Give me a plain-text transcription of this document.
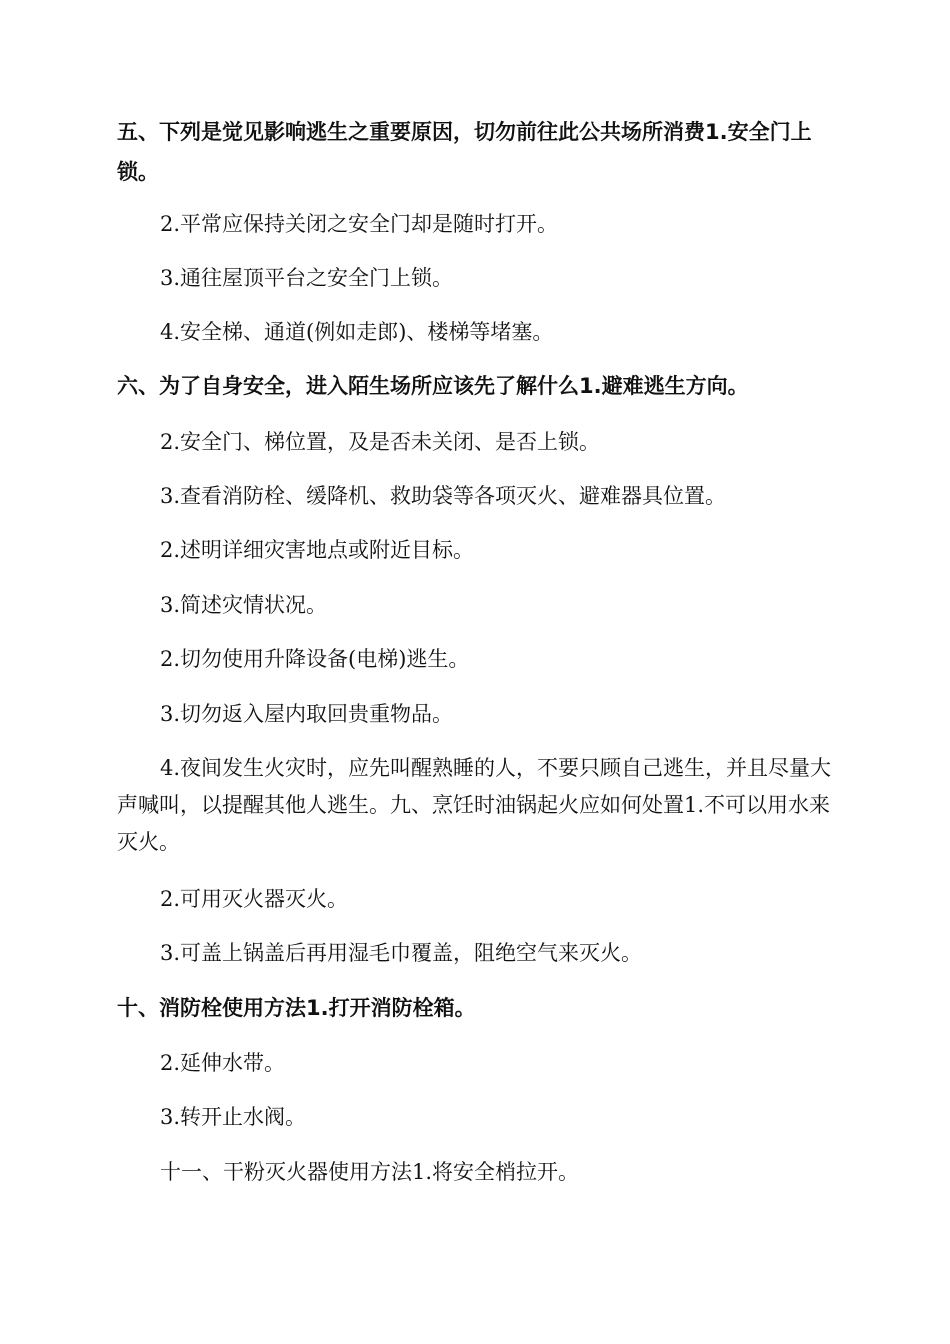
五、下列是觉见影响逃生之重要原因，切勿前往此公共场所消费1.安全门上锁。

2.平常应保持关闭之安全门却是随时打开。

3.通往屋顶平台之安全门上锁。

4.安全梯、通道(例如走郎)、楼梯等堵塞。

六、为了自身安全，进入陌生场所应该先了解什么1.避难逃生方向。

2.安全门、梯位置，及是否未关闭、是否上锁。

3.查看消防栓、缓降机、救助袋等各项灭火、避难器具位置。

2.述明详细灾害地点或附近目标。

3.简述灾情状况。

2.切勿使用升降设备(电梯)逃生。

3.切勿返入屋内取回贵重物品。

4.夜间发生火灾时，应先叫醒熟睡的人，不要只顾自己逃生，并且尽量大声喊叫，以提醒其他人逃生。九、烹饪时油锅起火应如何处置1.不可以用水来灭火。

2.可用灭火器灭火。

3.可盖上锅盖后再用湿毛巾覆盖，阻绝空气来灭火。

十、消防栓使用方法1.打开消防栓箱。

2.延伸水带。

3.转开止水阀。

十一、干粉灭火器使用方法1.将安全梢拉开。
